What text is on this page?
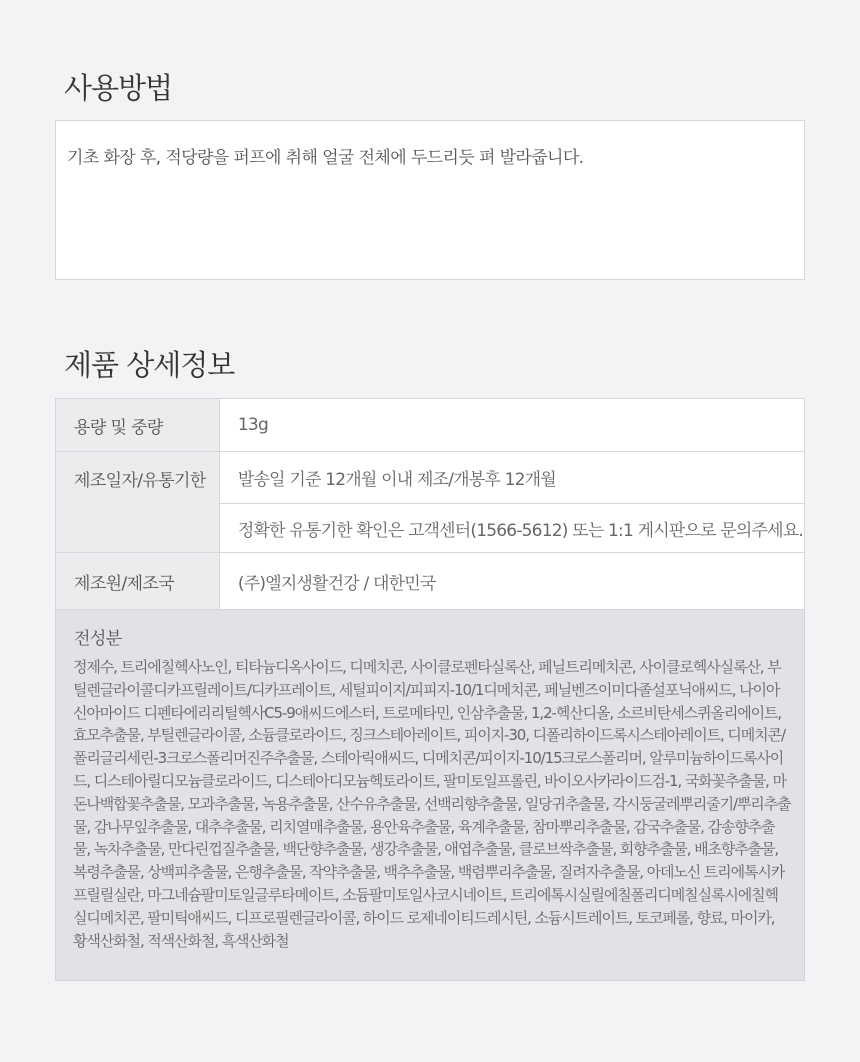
사용방법
기초 화장 후, 적당량을 퍼프에 취해 얼굴 전체에 두드리듯 펴 발라줍니다.
제품 상세정보
용량 및 중량	13g
제조일자/유통기한	발송일 기준 12개월 이내 제조/개봉후 12개월
	정확한 유통기한 확인은 고객센터(1566-5612) 또는 1:1 게시판으로 문의주세요.
제조원/제조국	(주)엘지생활건강 / 대한민국
전성분
정제수, 트리에칠헥사노인, 티타늄디옥사이드, 디메치콘, 사이클로펜타실록산, 페닐트리메치콘, 사이클로헥사실록산, 부틸렌글라이콜디카프릴레이트/디카프레이트, 세틸피이지/피피지-10/1디메치콘, 페닐벤즈이미다졸설포닉애씨드, 나이아신아마이드 디펜타에리리틸헥사C5-9애씨드에스터, 트로메타민, 인삼추출물, 1,2-헥산디올, 소르비탄세스퀴올리에이트, 효모추출물, 부틸렌글라이콜, 소듐클로라이드, 징크스테아레이트, 피이지-30, 디폴리하이드록시스테아레이트, 디메치콘/폴리글리세린-3크로스폴리머진주추출물, 스테아릭애씨드, 디메치콘/피이지-10/15크로스폴리머, 알루미늄하이드록사이드, 디스테아릴디모늄클로라이드, 디스테아디모늄헥토라이트, 팔미토일프롤린, 바이오사카라이드검-1, 국화꽃추출물, 마돈나백합꽃추출물, 모과추출물, 녹용추출물, 산수유추출물, 선백리향추출물, 일당귀추출물, 각시둥굴레뿌리줄기/뿌리추출물, 감나무잎추출물, 대추추출물, 리치열매추출물, 용안육추출물, 육계추출물, 참마뿌리추출물, 감국추출물, 감송향추출물, 녹차추출물, 만다린껍질추출물, 백단향추출물, 생강추출물, 애엽추출물, 클로브싹추출물, 회향추출물, 배초향추출물, 복령추출물, 상백피추출물, 은행추출물, 작약추출물, 백추추출물, 백렴뿌리추출물, 질려자추출물, 아데노신 트리에톡시카프릴릴실란, 마그네슘팔미토일글루타메이트, 소듐팔미토일사코시네이트, 트리에톡시실릴에칠폴리디메칠실록시에칠헥실디메치콘, 팔미틱애씨드, 디프로필렌글라이콜, 하이드 로제네이티드레시틴, 소듐시트레이트, 토코페롤, 향료, 마이카, 황색산화철, 적색산화철, 흑색산화철
